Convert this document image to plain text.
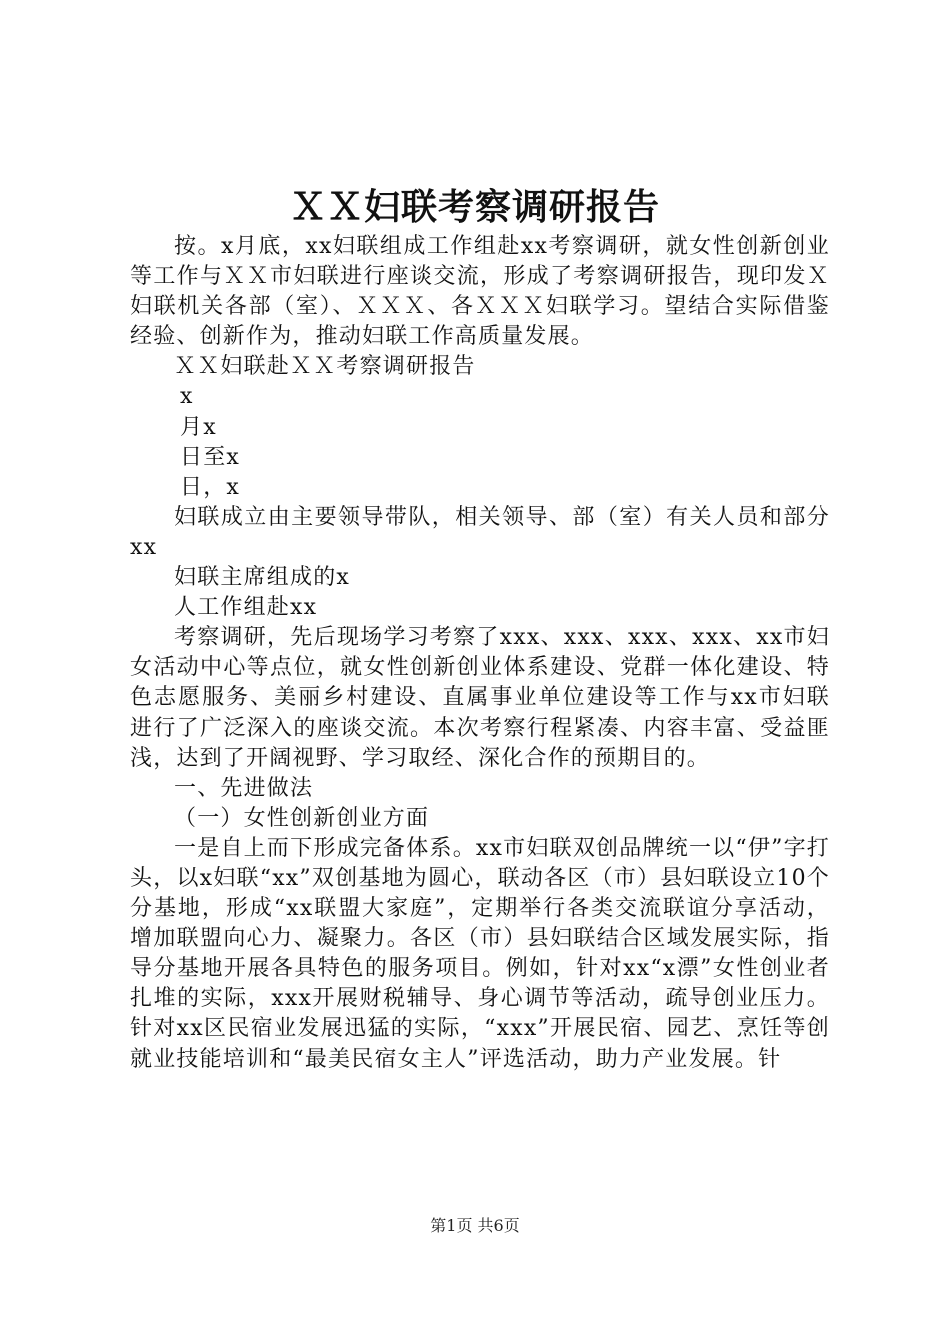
ＸＸ妇联考察调研报告

按。x月底，xx妇联组成工作组赴xx考察调研，就女性创新创业等工作与ＸＸ市妇联进行座谈交流，形成了考察调研报告，现印发Ｘ妇联机关各部（室）、ＸＸＸ、各ＸＸＸ妇联学习。望结合实际借鉴经验、创新作为，推动妇联工作高质量发展。

ＸＸ妇联赴ＸＸ考察调研报告

x

月x

日至x

日，x

妇联成立由主要领导带队，相关领导、部（室）有关人员和部分xx

妇联主席组成的x

人工作组赴xx

考察调研，先后现场学习考察了xxx、xxx、xxx、xxx、xx市妇女活动中心等点位，就女性创新创业体系建设、党群一体化建设、特色志愿服务、美丽乡村建设、直属事业单位建设等工作与xx市妇联进行了广泛深入的座谈交流。本次考察行程紧凑、内容丰富、受益匪浅，达到了开阔视野、学习取经、深化合作的预期目的。

一、先进做法

（一）女性创新创业方面

一是自上而下形成完备体系。xx市妇联双创品牌统一以“伊”字打头，以x妇联“xx”双创基地为圆心，联动各区（市）县妇联设立10个分基地，形成“xx联盟大家庭”，定期举行各类交流联谊分享活动，增加联盟向心力、凝聚力。各区（市）县妇联结合区域发展实际，指导分基地开展各具特色的服务项目。例如，针对xx“x漂”女性创业者扎堆的实际，xxx开展财税辅导、身心调节等活动，疏导创业压力。针对xx区民宿业发展迅猛的实际，“xxx”开展民宿、园艺、烹饪等创就业技能培训和“最美民宿女主人”评选活动，助力产业发展。针

第1页 共6页
